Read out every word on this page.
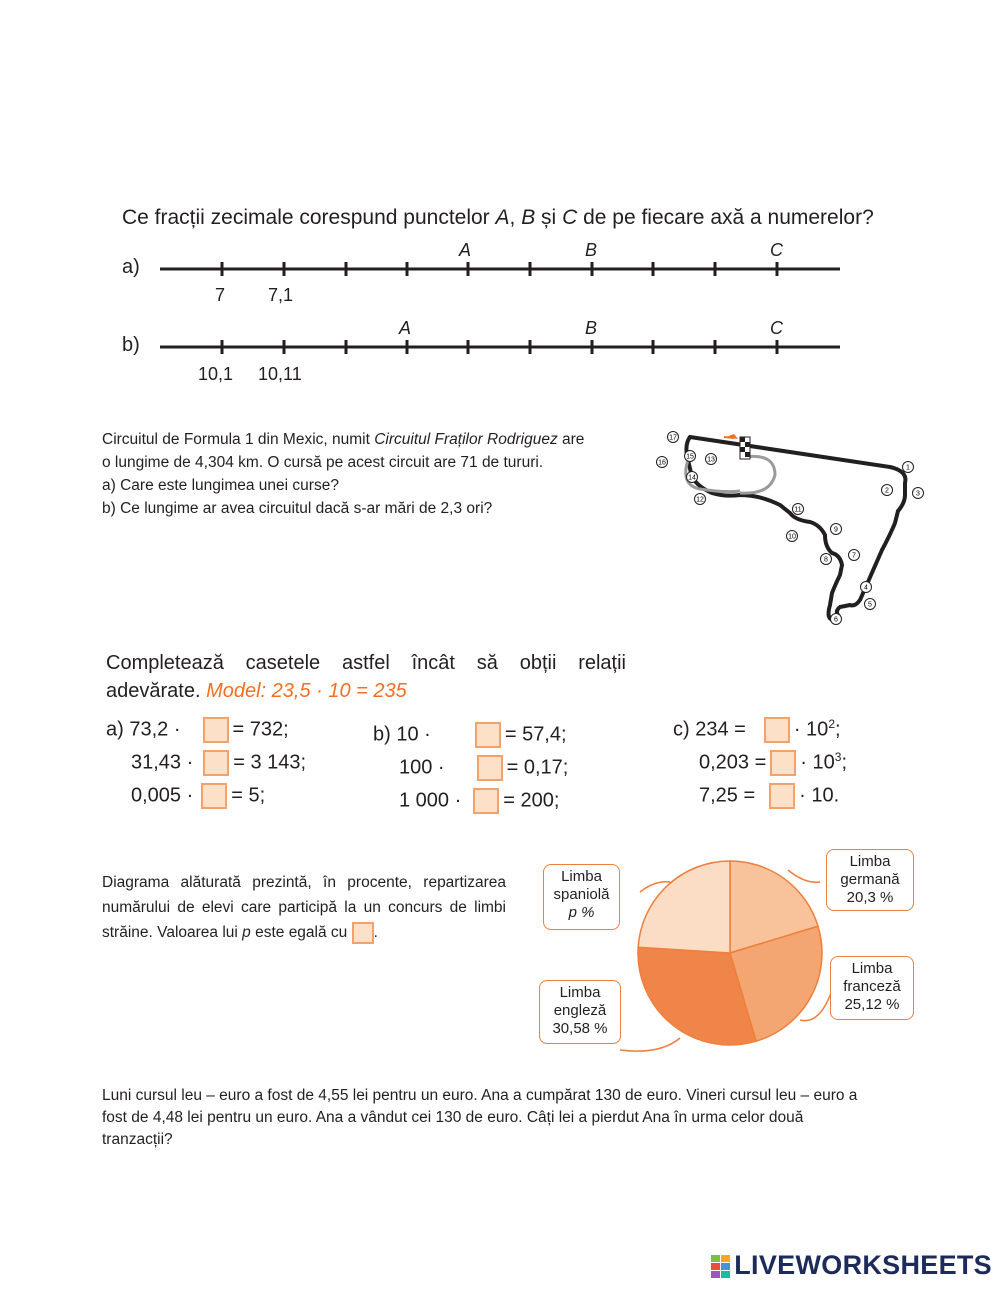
Ce fracții zecimale corespund punctelor A, B și C de pe fiecare axă a numerelor?
a)
A	B	C
7 7,1
b)
A	B	C
10,1 10,11
Circuitul de Formula 1 din Mexic, numit Circuitul Fraților Rodriguez are
o lungime de 4,304 km. O cursă pe acest circuit are 71 de tururi.
a) Care este lungimea unei curse?
b) Ce lungime ar avea circuitul dacă s-ar mări de 2,3 ori?
1
2	3
4
5
6
7
8
9
10
11
12
13
14
15
16
17
Completează casetele astfel încât să obții relații adevărate. Model: 23,5 · 10 = 235
a) 73,2 ·	= 732;
31,43 · = 3 143;
0,005 · = 5;
b) 10 ·	= 57,4;
100 ·	= 0,17;
1 000 · = 200;
c) 234 = · $10^2$;
0,203 = · $10^3$;
7,25 = · 10.
Diagrama alăturată prezintă, în procente, repartizarea numărului de elevi care participă la un concurs de limbi străine. Valoarea lui p este egală cu .
Limba
spaniolă
p %
Limba
germană
20,3 %
Limba
franceză
25,12 %
Limba
engleză
30,58 %
Luni cursul leu – euro a fost de 4,55 lei pentru un euro. Ana a cumpărat 130 de euro. Vineri cursul leu – euro a fost de 4,48 lei pentru un euro. Ana a vândut cei 130 de euro. Câți lei a pierdut Ana în urma celor două tranzacții?
LIVEWORKSHEETS
